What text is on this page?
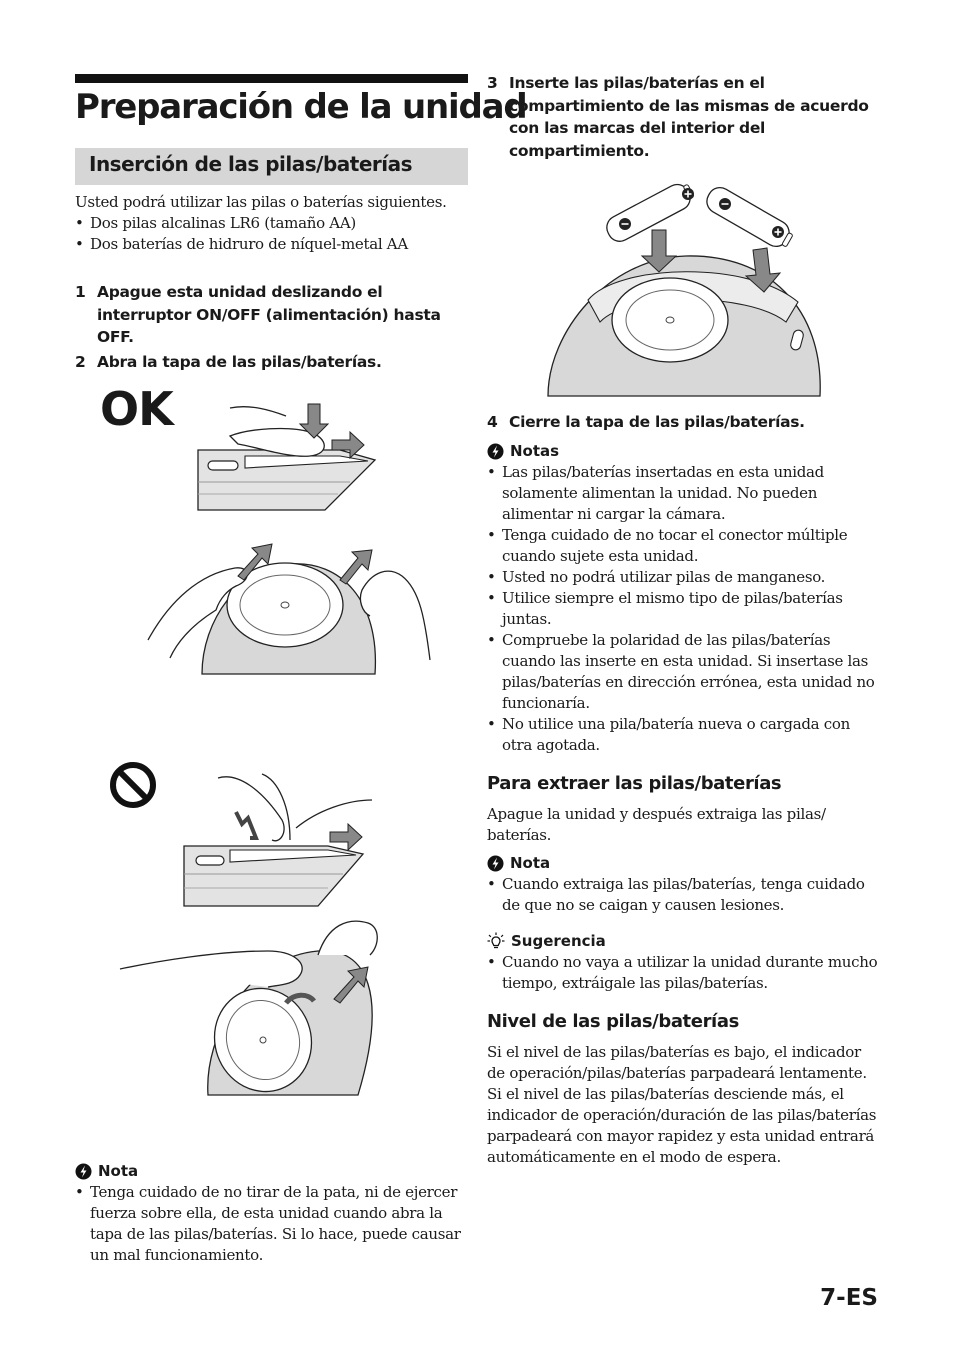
Preparación de la unidad
Inserción de las pilas/baterías
Usted podrá utilizar las pilas o baterías siguientes.
• Dos pilas alcalinas LR6 (tamaño AA)
• Dos baterías de hidruro de níquel-metal AA
1 Apague esta unidad deslizando el interruptor ON/OFF (alimentación) hasta OFF.
2 Abra la tapa de las pilas/baterías.
OK
Nota
• Tenga cuidado de no tirar de la pata, ni de ejercer fuerza sobre ella, de esta unidad cuando abra la tapa de las pilas/baterías. Si lo hace, puede causar un mal funcionamiento.
3 Inserte las pilas/baterías en el compartimiento de las mismas de acuerdo con las marcas del interior del compartimiento.
4 Cierre la tapa de las pilas/baterías.
Notas
• Las pilas/baterías insertadas en esta unidad solamente alimentan la unidad. No pueden alimentar ni cargar la cámara.
• Tenga cuidado de no tocar el conector múltiple cuando sujete esta unidad.
• Usted no podrá utilizar pilas de manganeso.
• Utilice siempre el mismo tipo de pilas/baterías juntas.
• Compruebe la polaridad de las pilas/baterías cuando las inserte en esta unidad. Si insertase las pilas/baterías en dirección errónea, esta unidad no funcionaría.
• No utilice una pila/batería nueva o cargada con otra agotada.
Para extraer las pilas/baterías
Apague la unidad y después extraiga las pilas/ baterías.
Nota
• Cuando extraiga las pilas/baterías, tenga cuidado de que no se caigan y causen lesiones.
Sugerencia
• Cuando no vaya a utilizar la unidad durante mucho tiempo, extráigale las pilas/baterías.
Nivel de las pilas/baterías
Si el nivel de las pilas/baterías es bajo, el indicador de operación/pilas/baterías parpadeará lentamente.
Si el nivel de las pilas/baterías desciende más, el indicador de operación/duración de las pilas/baterías parpadeará con mayor rapidez y esta unidad entrará automáticamente en el modo de espera.
7-ES
